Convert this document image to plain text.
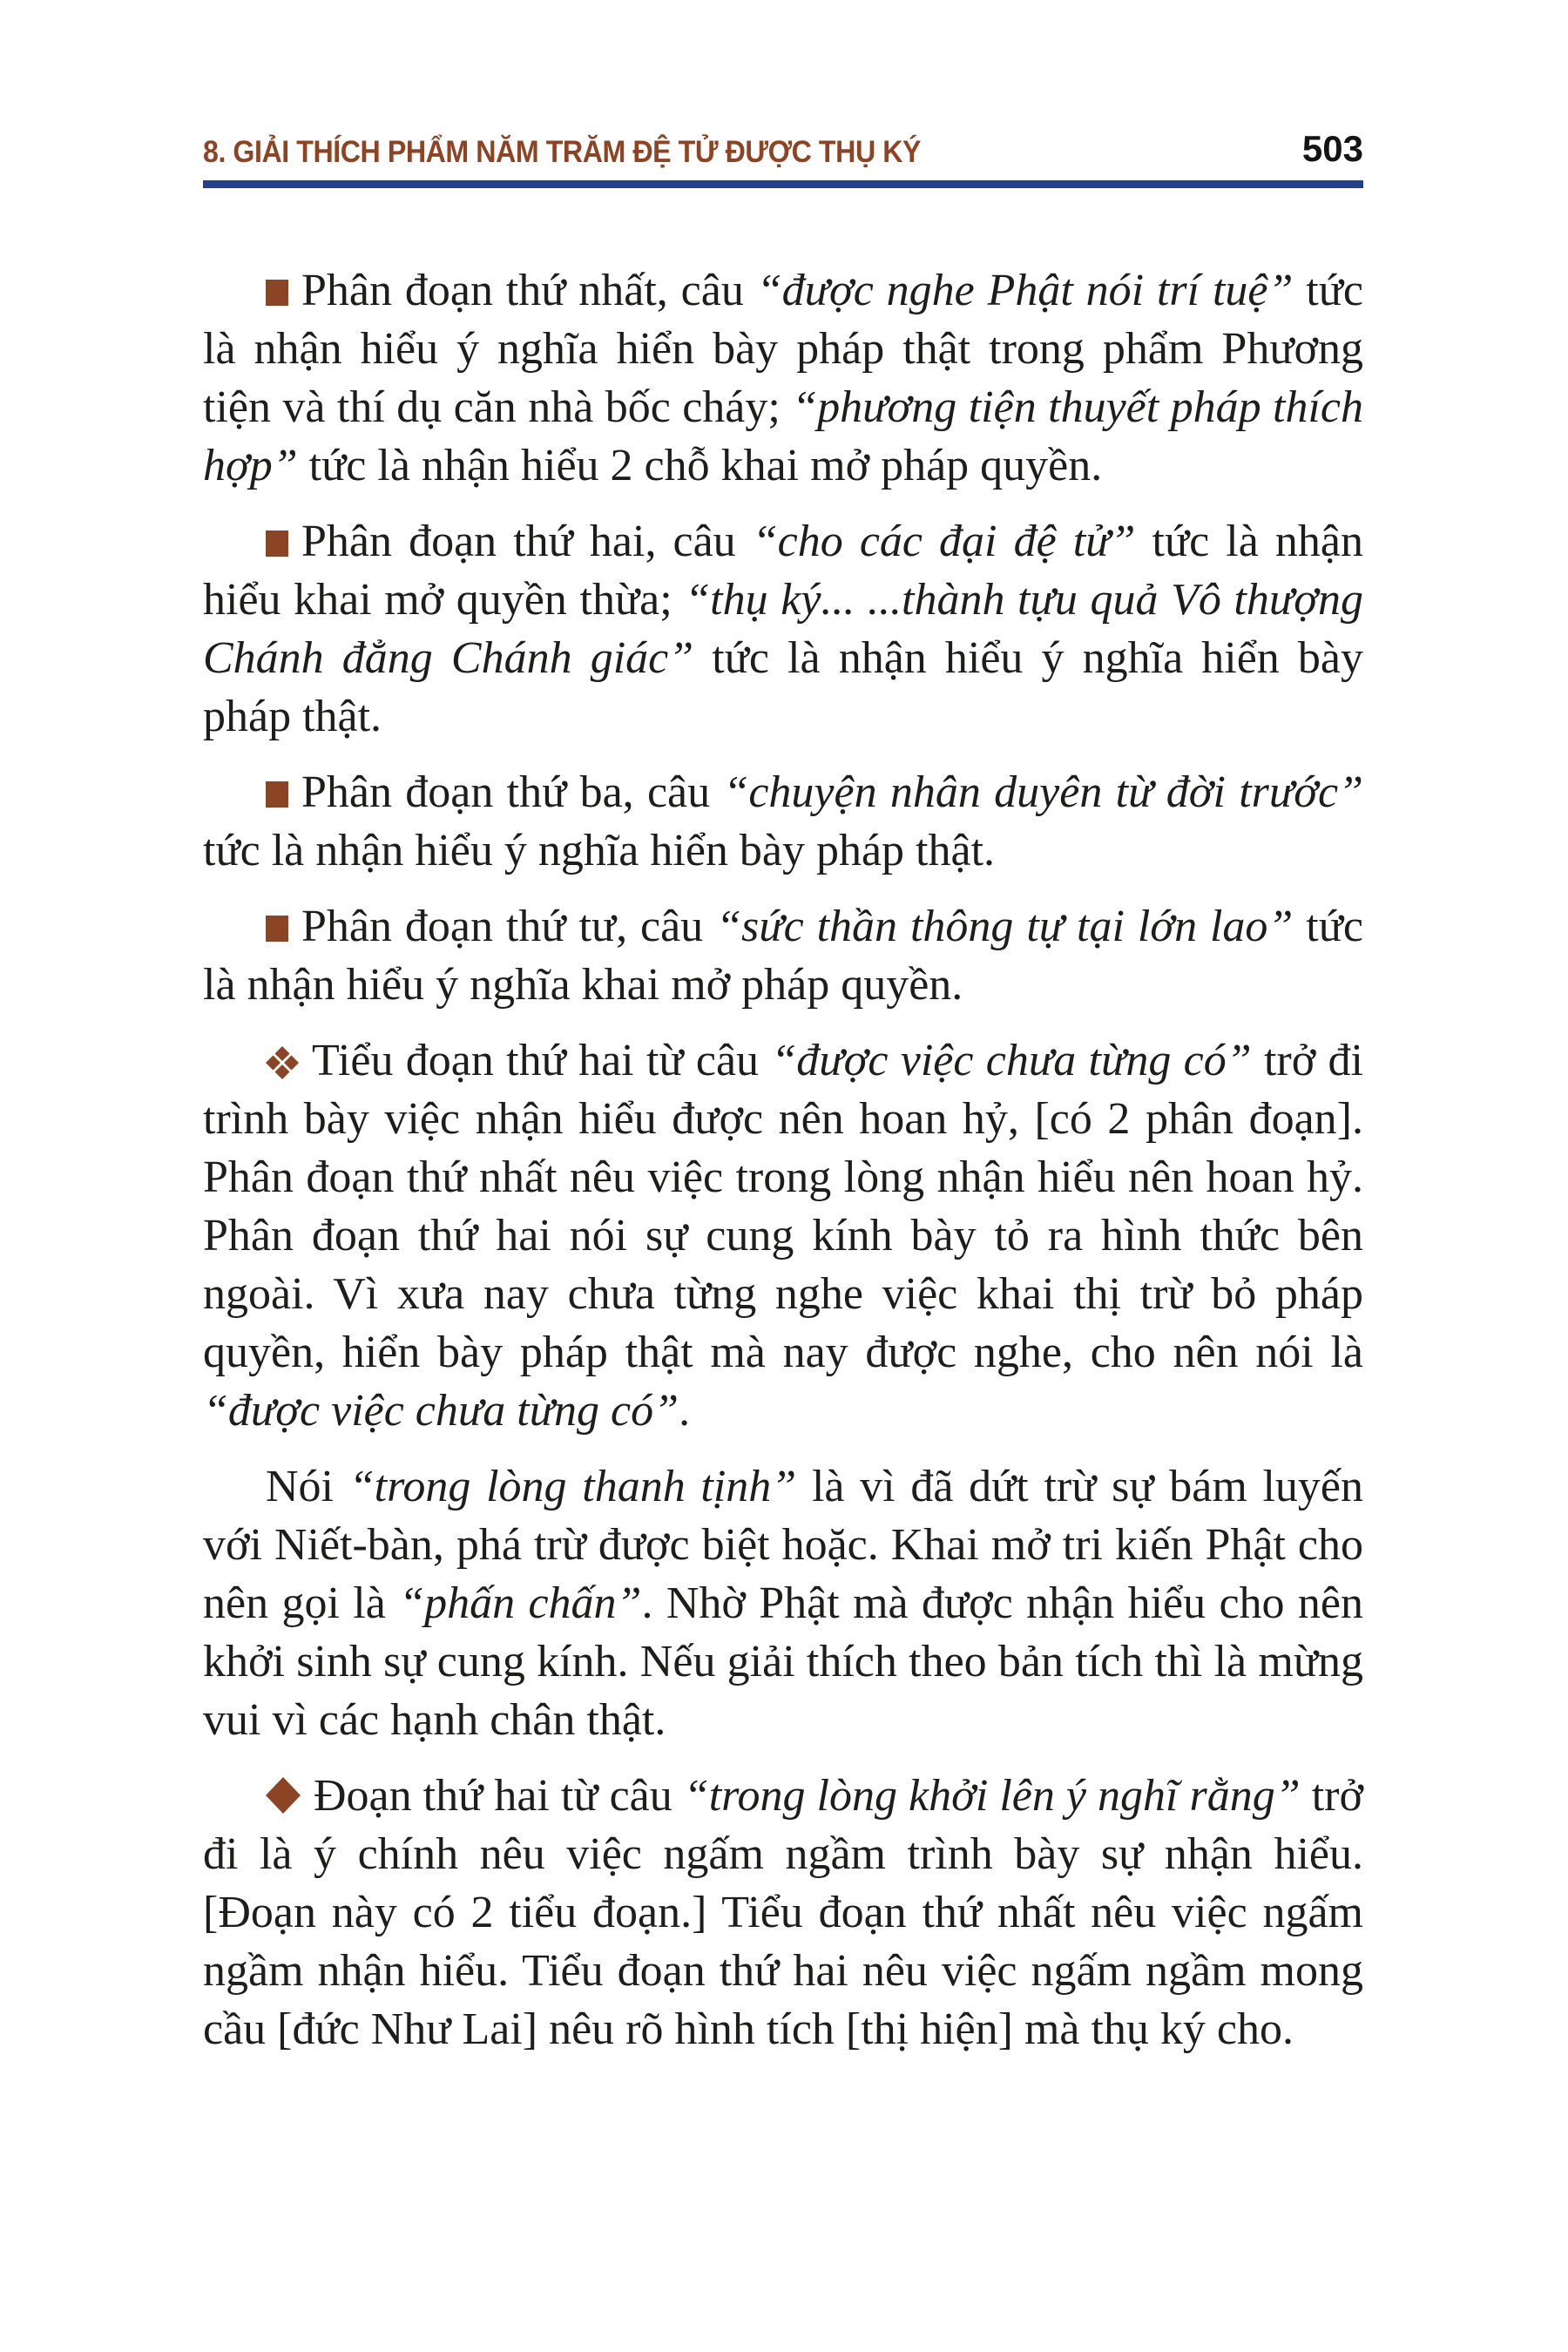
8. GIẢI THÍCH PHẨM NĂM TRĂM ĐỆ TỬ ĐƯỢC THỤ KÝ	503

Phân đoạn thứ nhất, câu “được nghe Phật nói trí tuệ” tức là nhận hiểu ý nghĩa hiển bày pháp thật trong phẩm Phương tiện và thí dụ căn nhà bốc cháy; “phương tiện thuyết pháp thích hợp” tức là nhận hiểu 2 chỗ khai mở pháp quyền.

Phân đoạn thứ hai, câu “cho các đại đệ tử” tức là nhận hiểu khai mở quyền thừa; “thụ ký... ...thành tựu quả Vô thượng Chánh đẳng Chánh giác” tức là nhận hiểu ý nghĩa hiển bày pháp thật.

Phân đoạn thứ ba, câu “chuyện nhân duyên từ đời trước” tức là nhận hiểu ý nghĩa hiển bày pháp thật.

Phân đoạn thứ tư, câu “sức thần thông tự tại lớn lao” tức là nhận hiểu ý nghĩa khai mở pháp quyền.

Tiểu đoạn thứ hai từ câu “được việc chưa từng có” trở đi trình bày việc nhận hiểu được nên hoan hỷ, [có 2 phân đoạn]. Phân đoạn thứ nhất nêu việc trong lòng nhận hiểu nên hoan hỷ. Phân đoạn thứ hai nói sự cung kính bày tỏ ra hình thức bên ngoài. Vì xưa nay chưa từng nghe việc khai thị trừ bỏ pháp quyền, hiển bày pháp thật mà nay được nghe, cho nên nói là “được việc chưa từng có”.

Nói “trong lòng thanh tịnh” là vì đã dứt trừ sự bám luyến với Niết-bàn, phá trừ được biệt hoặc. Khai mở tri kiến Phật cho nên gọi là “phấn chấn”. Nhờ Phật mà được nhận hiểu cho nên khởi sinh sự cung kính. Nếu giải thích theo bản tích thì là mừng vui vì các hạnh chân thật.

Đoạn thứ hai từ câu “trong lòng khởi lên ý nghĩ rằng” trở đi là ý chính nêu việc ngấm ngầm trình bày sự nhận hiểu. [Đoạn này có 2 tiểu đoạn.] Tiểu đoạn thứ nhất nêu việc ngấm ngầm nhận hiểu. Tiểu đoạn thứ hai nêu việc ngấm ngầm mong cầu [đức Như Lai] nêu rõ hình tích [thị hiện] mà thụ ký cho.
